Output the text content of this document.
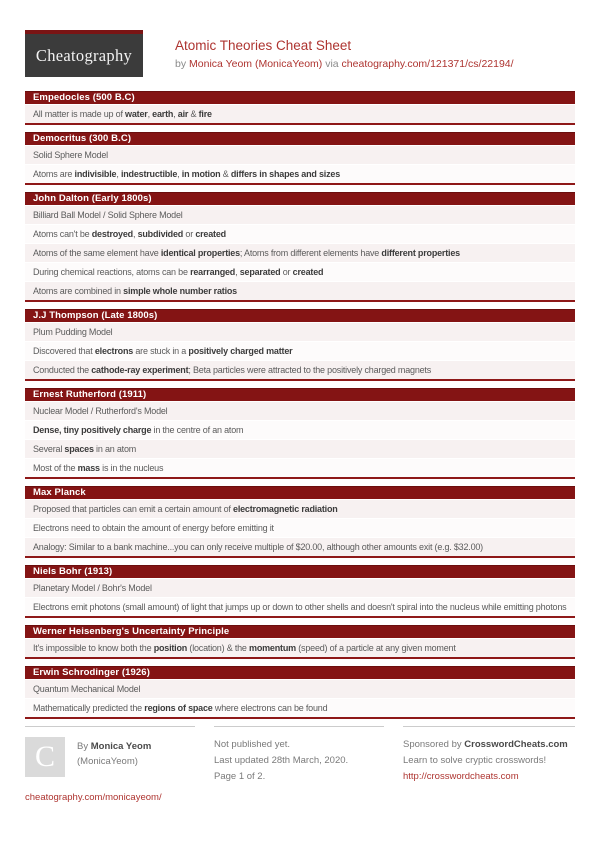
Cheatography	Atomic Theories Cheat Sheet
by Monica Yeom (MonicaYeom) via cheatography.com/121371/cs/22194/
Empedocles (500 B.C)
All matter is made up of water, earth, air & fire
Democritus (300 B.C)
Solid Sphere Model
Atoms are indivisible, indestructible, in motion & differs in shapes and sizes
John Dalton (Early 1800s)
Billiard Ball Model / Solid Sphere Model
Atoms can't be destroyed, subdivided or created
Atoms of the same element have identical properties; Atoms from different elements have different properties
During chemical reactions, atoms can be rearranged, separated or created
Atoms are combined in simple whole number ratios
J.J Thompson (Late 1800s)
Plum Pudding Model
Discovered that electrons are stuck in a positively charged matter
Conducted the cathode-ray experiment; Beta particles were attracted to the positively charged magnets
Ernest Rutherford (1911)
Nuclear Model / Rutherford's Model
Dense, tiny positively charge in the centre of an atom
Several spaces in an atom
Most of the mass is in the nucleus
Max Planck
Proposed that particles can emit a certain amount of electromagnetic radiation
Electrons need to obtain the amount of energy before emitting it
Analogy: Similar to a bank machine...you can only receive multiple of $20.00, although other amounts exit (e.g. $32.00)
Niels Bohr (1913)
Planetary Model / Bohr's Model
Electrons emit photons (small amount) of light that jumps up or down to other shells and doesn't spiral into the nucleus while emitting photons
Werner Heisenberg's Uncertainty Principle
It's impossible to know both the position (location) & the momentum (speed) of a particle at any given moment
Erwin Schrodinger (1926)
Quantum Mechanical Model
Mathematically predicted the regions of space where electrons can be found
C By Monica Yeom
(MonicaYeom)
cheatography.com/monicayeom/
Not published yet.
Last updated 28th March, 2020.
Page 1 of 2.
Sponsored by CrosswordCheats.com
Learn to solve cryptic crosswords!
http://crosswordcheats.com
